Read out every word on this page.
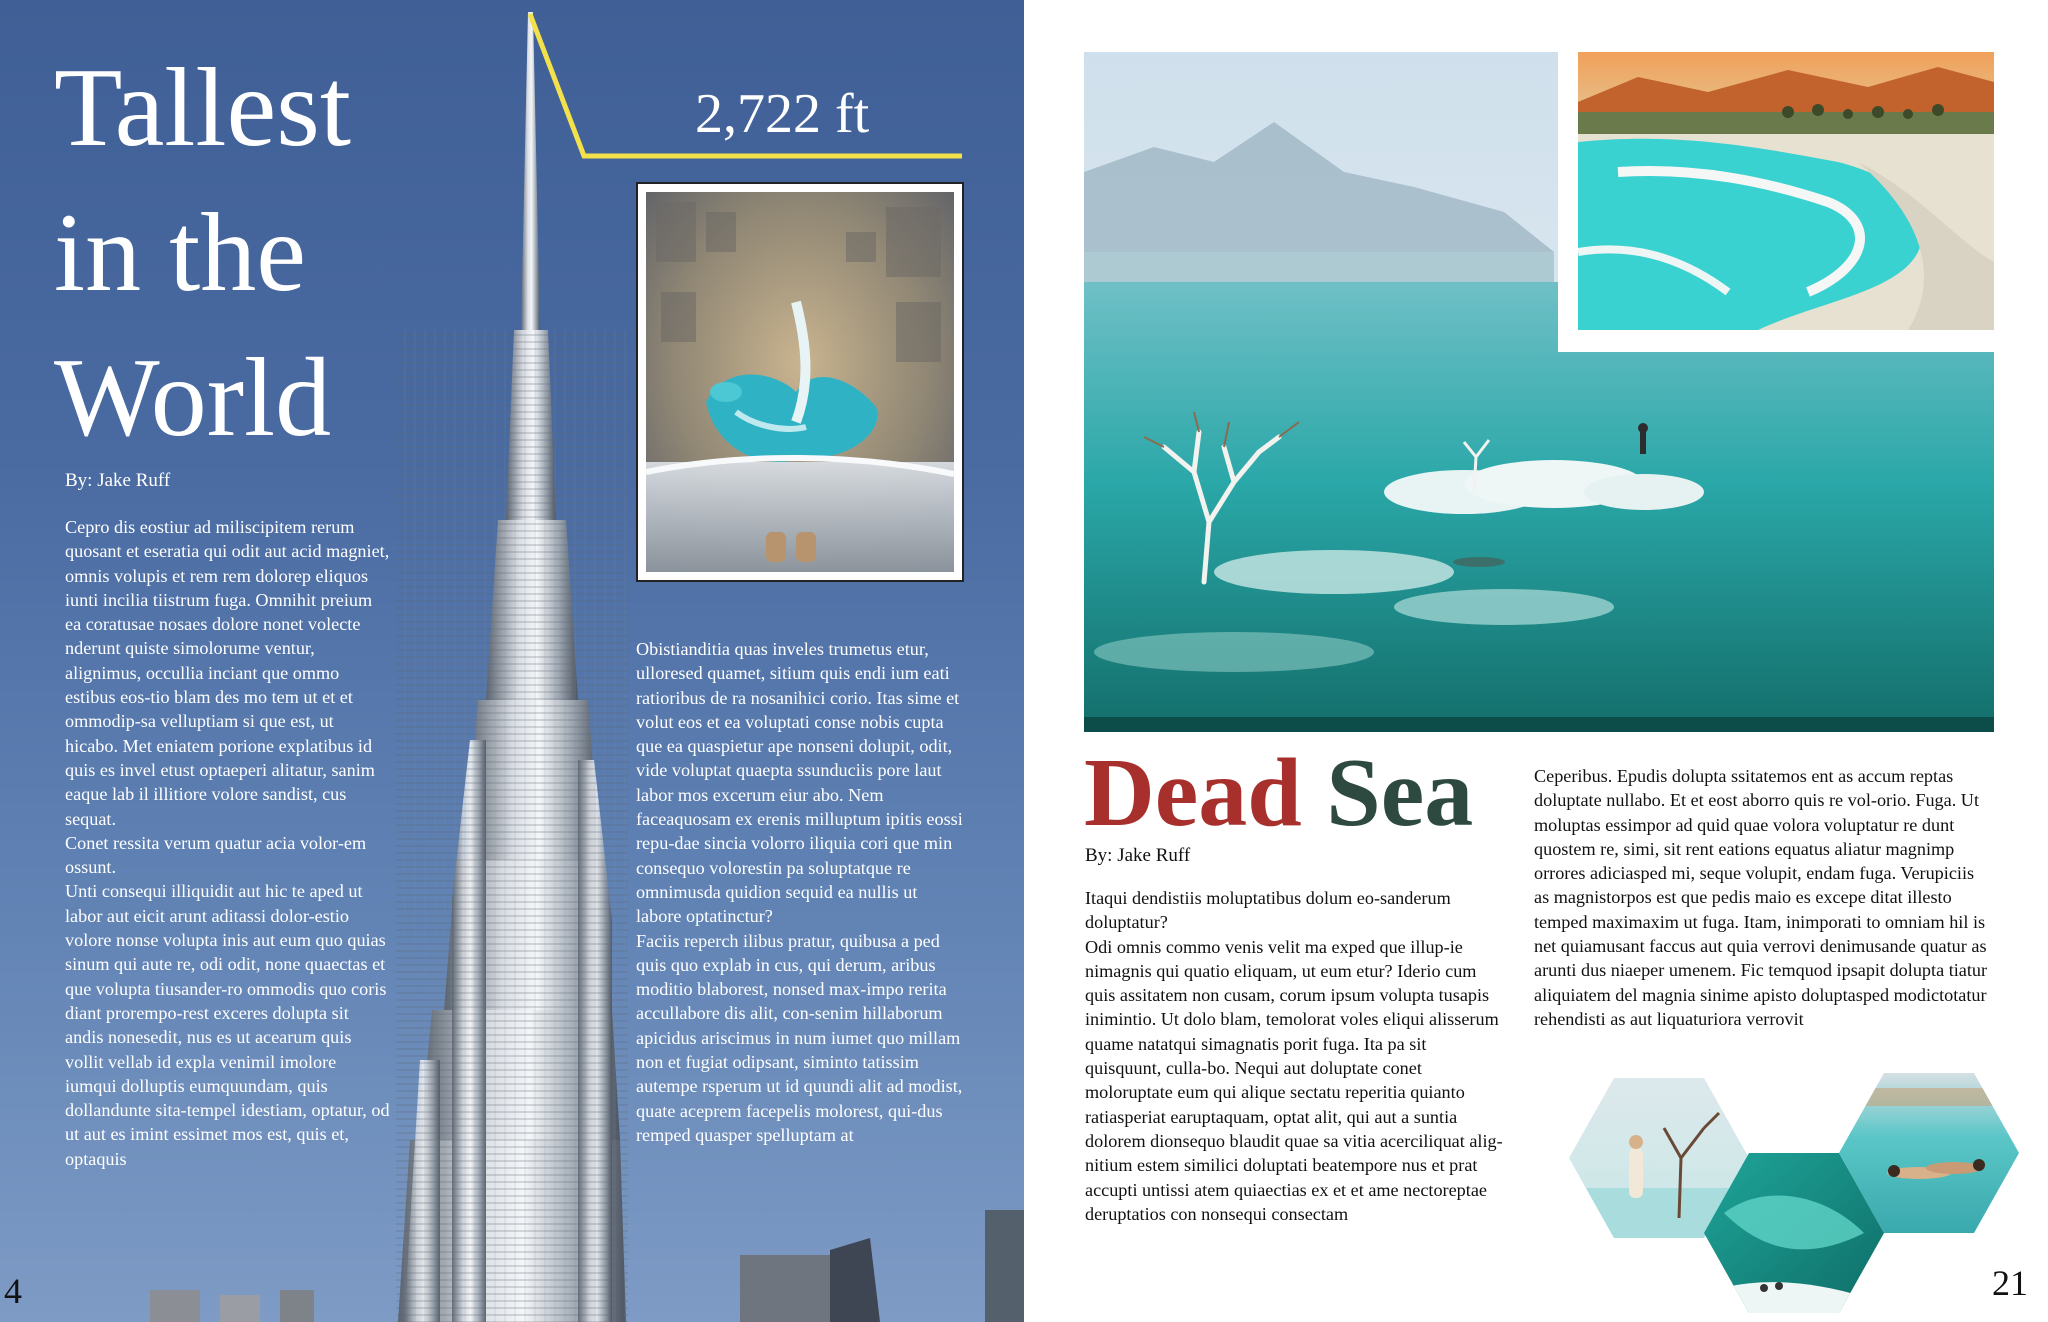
Tallest
in the
World
2,722 ft
By: Jake Ruff

Cepro dis eostiur ad miliscipitem rerum quosant et eseratia qui odit aut acid magniet, omnis volupis et rem rem dolorep eliquos iunti incilia tiistrum fuga. Omnihit preium ea coratusae nosaes dolore nonet volecte nderunt quiste simolorume ventur, alignimus, occullia inciant que ommo estibus eos-tio blam des mo tem ut et et ommodip-sa velluptiam si que est, ut hicabo. Met eniatem porione explatibus id quis es invel etust optaeperi alitatur, sanim eaque lab il illitiore volore sandist, cus sequat.

Conet ressita verum quatur acia volor-em ossunt.

Unti consequi illiquidit aut hic te aped ut labor aut eicit arunt aditassi dolor-estio volore nonse volupta inis aut eum quo quias sinum qui aute re, odi odit, none quaectas et que volupta tiusander-ro ommodis quo coris diant prorempo-rest exceres dolupta sit andis nonesedit, nus es ut acearum quis vollit vellab id expla venimil imolore iumqui dolluptis eumquundam, quis dollandunte sita-tempel idestiam, optatur, od ut aut es imint essimet mos est, quis et, optaquis

Obistianditia quas inveles trumetus etur, ulloresed quamet, sitium quis endi ium eati ratioribus de ra nosanihici corio. Itas sime et volut eos et ea voluptati conse nobis cupta que ea quaspietur ape nonseni dolupit, odit, vide voluptat quaepta ssunduciis pore laut labor mos excerum eiur abo. Nem faceaquosam ex erenis milluptum ipitis eossi repu-dae sincia volorro iliquia cori que min consequo volorestin pa soluptatque re omnimusda quidion sequid ea nullis ut labore optatinctur?

Faciis reperch ilibus pratur, quibusa a ped quis quo explab in cus, qui derum, aribus moditio blaborest, nonsed max-impo rerita accullabore dis alit, con-senim hillaborum apicidus ariscimus in num iumet quo millam non et fugiat odipsant, siminto tatissim autempe rsperum ut id quundi alit ad modist, quate aceprem facepelis molorest, qui-dus remped quasper spelluptam at

4
Dead Sea
By: Jake Ruff

Itaqui dendistiis moluptatibus dolum eo-sanderum doluptatur?

Odi omnis commo venis velit ma exped que illup-ie nimagnis qui quatio eliquam, ut eum etur? Iderio cum quis assitatem non cusam, corum ipsum volupta tusapis inimintio. Ut dolo blam, temolorat voles eliqui alisserum quame natatqui simagnatis porit fuga. Ita pa sit quisquunt, culla-bo. Nequi aut doluptate conet moloruptate eum qui alique sectatu reperitia quianto ratiasperiat earuptaquam, optat alit, qui aut a suntia dolorem dionsequo blaudit quae sa vitia acerciliquat alig-nitium estem similici doluptati beatempore nus et prat accupti untissi atem quiaectias ex et et ame nectoreptae deruptatios con nonsequi consectam

Ceperibus. Epudis dolupta ssitatemos ent as accum reptas doluptate nullabo. Et et eost aborro quis re vol-orio. Fuga. Ut moluptas essimpor ad quid quae volora voluptatur re dunt quostem re, simi, sit rent eations equatus aliatur magnimp orrores adiciasped mi, seque volupit, endam fuga. Verupiciis as magnistorpos est que pedis maio es excepe ditat illesto temped maximaxim ut fuga. Itam, inimporati to omniam hil is net quiamusant faccus aut quia verrovi denimusande quatur as arunti dus niaeper umenem. Fic temquod ipsapit dolupta tiatur aliquiatem del magnia sinime apisto doluptasped modictotatur rehendisti as aut liquaturiora verrovit

21
